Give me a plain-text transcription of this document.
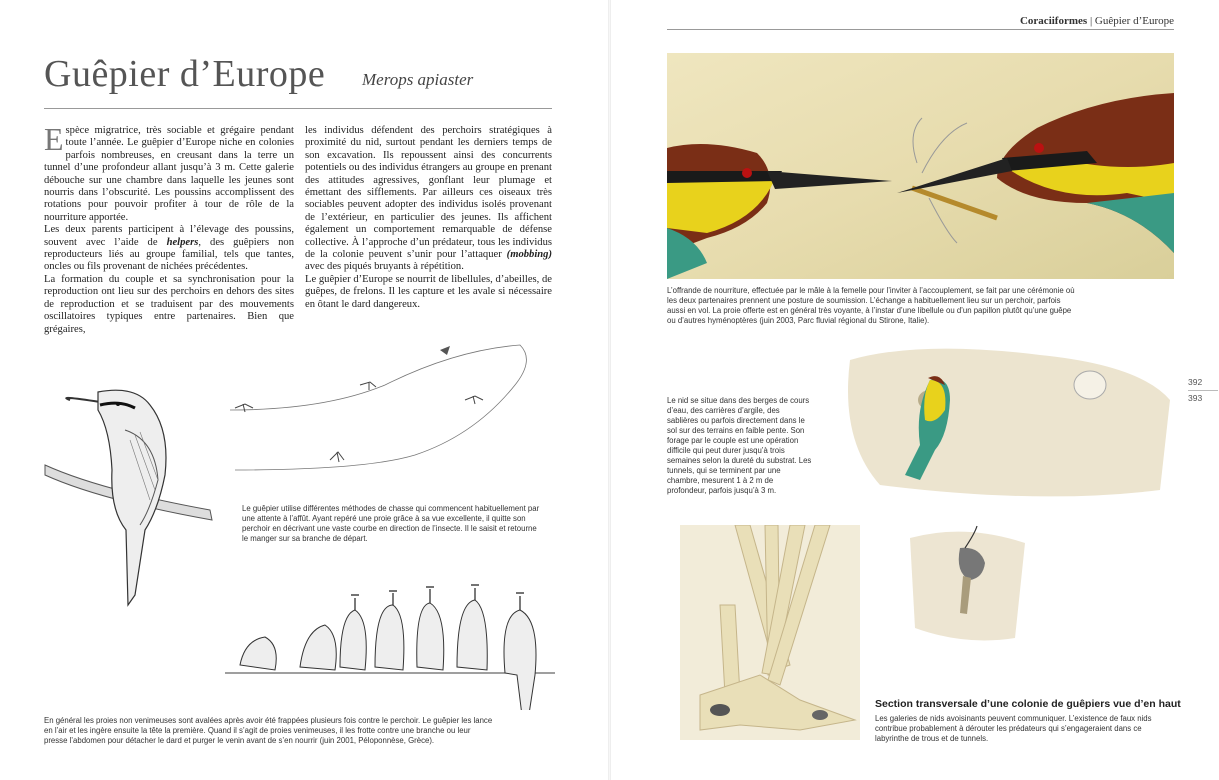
Guêpier d’Europe Merops apiaster

Espèce migratrice, très sociable et grégaire pendant toute l’année. Le guêpier d’Europe niche en colonies parfois nombreuses, en creusant dans la terre un tunnel d’une profondeur allant jusqu’à 3 m. Cette galerie débouche sur une chambre dans laquelle les jeunes sont nourris dans l’obscurité. Les poussins accomplissent des rotations pour pouvoir profiter à tour de rôle de la nourriture apportée.

Les deux parents participent à l’élevage des poussins, souvent avec l’aide de helpers, des guêpiers non reproducteurs liés au groupe familial, tels que tantes, oncles ou fils provenant de nichées précédentes.

La formation du couple et sa synchronisation pour la reproduction ont lieu sur des perchoirs en dehors des sites de reproduction et se traduisent par des mouvements oscillatoires typiques entre partenaires. Bien que grégaires,

les individus défendent des perchoirs stratégiques à proximité du nid, surtout pendant les derniers temps de son excavation. Ils repoussent ainsi des concurrents potentiels ou des individus étrangers au groupe en prenant des attitudes agressives, gonflant leur plumage et émettant des sifflements. Par ailleurs ces oiseaux très sociables peuvent adopter des individus isolés provenant de l’extérieur, en particulier des jeunes. Ils affichent également un comportement remarquable de défense collective. À l’approche d’un prédateur, tous les individus de la colonie peuvent s’unir pour l’attaquer (mobbing) avec des piqués bruyants à répétition.

Le guêpier d’Europe se nourrit de libellules, d’abeilles, de guêpes, de frelons. Il les capture et les avale si nécessaire en ôtant le dard dangereux.

Le guêpier utilise différentes méthodes de chasse qui commencent habituellement par une attente à l’affût. Ayant repéré une proie grâce à sa vue excellente, il quitte son perchoir en décrivant une vaste courbe en direction de l’insecte. Il le saisit et retourne le manger sur sa branche de départ.
En général les proies non venimeuses sont avalées après avoir été frappées plusieurs fois contre le perchoir. Le guêpier les lance en l’air et les ingère ensuite la tête la première. Quand il s’agit de proies venimeuses, il les frotte contre une branche ou leur presse l’abdomen pour détacher le dard et purger le venin avant de s’en nourrir (juin 2001, Péloponnèse, Grèce).
Coraciiformes | Guêpier d’Europe
L’offrande de nourriture, effectuée par le mâle à la femelle pour l’inviter à l’accouplement, se fait par une cérémonie où les deux partenaires prennent une posture de soumission. L’échange a habituellement lieu sur un perchoir, parfois aussi en vol. La proie offerte est en général très voyante, à l’instar d’une libellule ou d’un papillon plutôt qu’une guêpe ou d’autres hyménoptères (juin 2003, Parc fluvial régional du Stirone, Italie).
392
393
Le nid se situe dans des berges de cours d’eau, des carrières d’argile, des sablières ou parfois directement dans le sol sur des terrains en faible pente. Son forage par le couple est une opération difficile qui peut durer jusqu’à trois semaines selon la dureté du substrat. Les tunnels, qui se terminent par une chambre, mesurent 1 à 2 m de profondeur, parfois jusqu’à 3 m.
Section transversale d’une colonie de guêpiers vue d’en haut
Les galeries de nids avoisinants peuvent communiquer. L’existence de faux nids contribue probablement à dérouter les prédateurs qui s’engageraient dans ce labyrinthe de trous et de tunnels.
